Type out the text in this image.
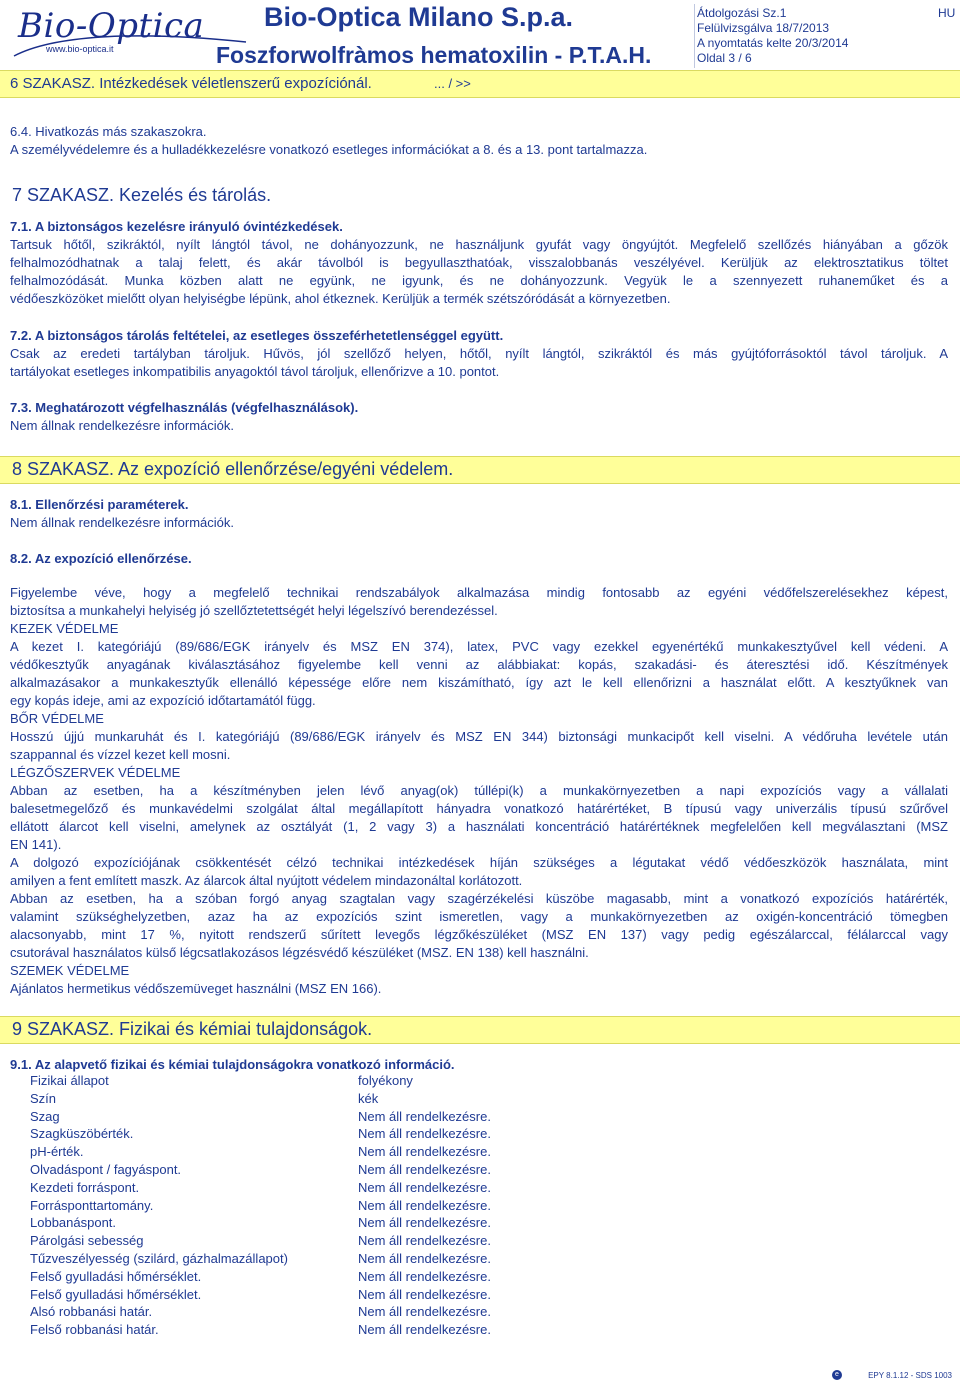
Bio-Optica
www.bio-optica.it
Bio-Optica Milano S.p.a.
Foszforwolfràmos hematoxilin - P.T.A.H.
Átdolgozási Sz.1
Felülvizsgálva 18/7/2013
A nyomtatás kelte 20/3/2014
Oldal 3 / 6
HU
6 SZAKASZ. Intézkedések véletlenszerű expozíciónál.	... / >>
6.4. Hivatkozás más szakaszokra.
A személyvédelemre és a hulladékkezelésre vonatkozó esetleges információkat a 8. és a 13. pont tartalmazza.
7 SZAKASZ. Kezelés és tárolás.
7.1. A biztonságos kezelésre irányuló óvintézkedések.
Tartsuk hőtől, szikráktól, nyílt lángtól távol, ne dohányozzunk, ne használjunk gyufát vagy öngyújtót. Megfelelő szellőzés hiányában a gőzök
felhalmozódhatnak a talaj felett, és akár távolból is begyullaszthatóak, visszalobbanás veszélyével. Kerüljük az elektrosztatikus töltet
felhalmozódását. Munka közben alatt ne együnk, ne igyunk, és ne dohányozzunk. Vegyük le a szennyezett ruhaneműket és a
védőeszközöket mielőtt olyan helyiségbe lépünk, ahol étkeznek. Kerüljük a termék szétszóródását a környezetben.
7.2. A biztonságos tárolás feltételei, az esetleges összeférhetetlenséggel együtt.
Csak az eredeti tartályban tároljuk. Hűvös, jól szellőző helyen, hőtől, nyílt lángtól, szikráktól és más gyújtóforrásoktól távol tároljuk. A
tartályokat esetleges inkompatibilis anyagoktól távol tároljuk, ellenőrizve a 10. pontot.
7.3. Meghatározott végfelhasználás (végfelhasználások).
Nem állnak rendelkezésre információk.
8 SZAKASZ. Az expozíció ellenőrzése/egyéni védelem.
8.1. Ellenőrzési paraméterek.
Nem állnak rendelkezésre információk.
8.2. Az expozíció ellenőrzése.
Figyelembe véve, hogy a megfelelő technikai rendszabályok alkalmazása mindig fontosabb az egyéni védőfelszerelésekhez képest,
biztosítsa a munkahelyi helyiség jó szellőztetettségét helyi légelszívó berendezéssel.
KEZEK VÉDELME
A kezet I. kategóriájú (89/686/EGK irányelv és MSZ EN 374), latex, PVC vagy ezekkel egyenértékű munkakesztyűvel kell védeni. A
védőkesztyűk anyagának kiválasztásához figyelembe kell venni az alábbiakat: kopás, szakadási- és áteresztési idő. Készítmények
alkalmazásakor a munkakesztyűk ellenálló képessége előre nem kiszámítható, így azt le kell ellenőrizni a használat előtt. A kesztyűknek van
egy kopás ideje, ami az expozíció időtartamától függ.
BŐR VÉDELME
Hosszú újjú munkaruhát és I. kategóriájú (89/686/EGK irányelv és MSZ EN 344) biztonsági munkacipőt kell viselni. A védőruha levétele után
szappannal és vízzel kezet kell mosni.
LÉGZŐSZERVEK VÉDELME
Abban az esetben, ha a készítményben jelen lévő anyag(ok) túllépi(k) a munkakörnyezetben a napi expozíciós vagy a vállalati
balesetmegelőző és munkavédelmi szolgálat által megállapított hányadra vonatkozó határértéket, B típusú vagy univerzális típusú szűrővel
ellátott álarcot kell viselni, amelynek az osztályát (1, 2 vagy 3) a használati koncentráció határértéknek megfelelően kell megválasztani (MSZ
EN 141).
A dolgozó expozíciójának csökkentését célzó technikai intézkedések híján szükséges a légutakat védő védőeszközök használata, mint
amilyen a fent említett maszk. Az álarcok által nyújtott védelem mindazonáltal korlátozott.
Abban az esetben, ha a szóban forgó anyag szagtalan vagy szagérzékelési küszöbe magasabb, mint a vonatkozó expozíciós határérték,
valamint szükséghelyzetben, azaz ha az expozíciós szint ismeretlen, vagy a munkakörnyezetben az oxigén-koncentráció tömegben
alacsonyabb, mint 17 %, nyitott rendszerű sűrített levegős légzőkészüléket (MSZ EN 137) vagy pedig egészálarccal, félálarccal vagy
csutorával használatos külső légcsatlakozásos légzésvédő készüléket (MSZ. EN 138) kell használni.
SZEMEK VÉDELME
Ajánlatos hermetikus védőszemüveget használni (MSZ EN 166).
9 SZAKASZ. Fizikai és kémiai tulajdonságok.
9.1. Az alapvető fizikai és kémiai tulajdonságokra vonatkozó információ.
Fizikai állapot	folyékony
Szín	kék
Szag	Nem áll rendelkezésre.
Szagküszöbérték.	Nem áll rendelkezésre.
pH-érték.	Nem áll rendelkezésre.
Olvadáspont / fagyáspont.	Nem áll rendelkezésre.
Kezdeti forráspont.	Nem áll rendelkezésre.
Forrásponttartomány.	Nem áll rendelkezésre.
Lobbanáspont.	Nem áll rendelkezésre.
Párolgási sebesség	Nem áll rendelkezésre.
Tűzveszélyesség (szilárd, gázhalmazállapot)	Nem áll rendelkezésre.
Felső gyulladási hőmérséklet.	Nem áll rendelkezésre.
Felső gyulladási hőmérséklet.	Nem áll rendelkezésre.
Alsó robbanási határ.	Nem áll rendelkezésre.
Felső robbanási határ.	Nem áll rendelkezésre.
e	EPY 8.1.12 - SDS 1003
